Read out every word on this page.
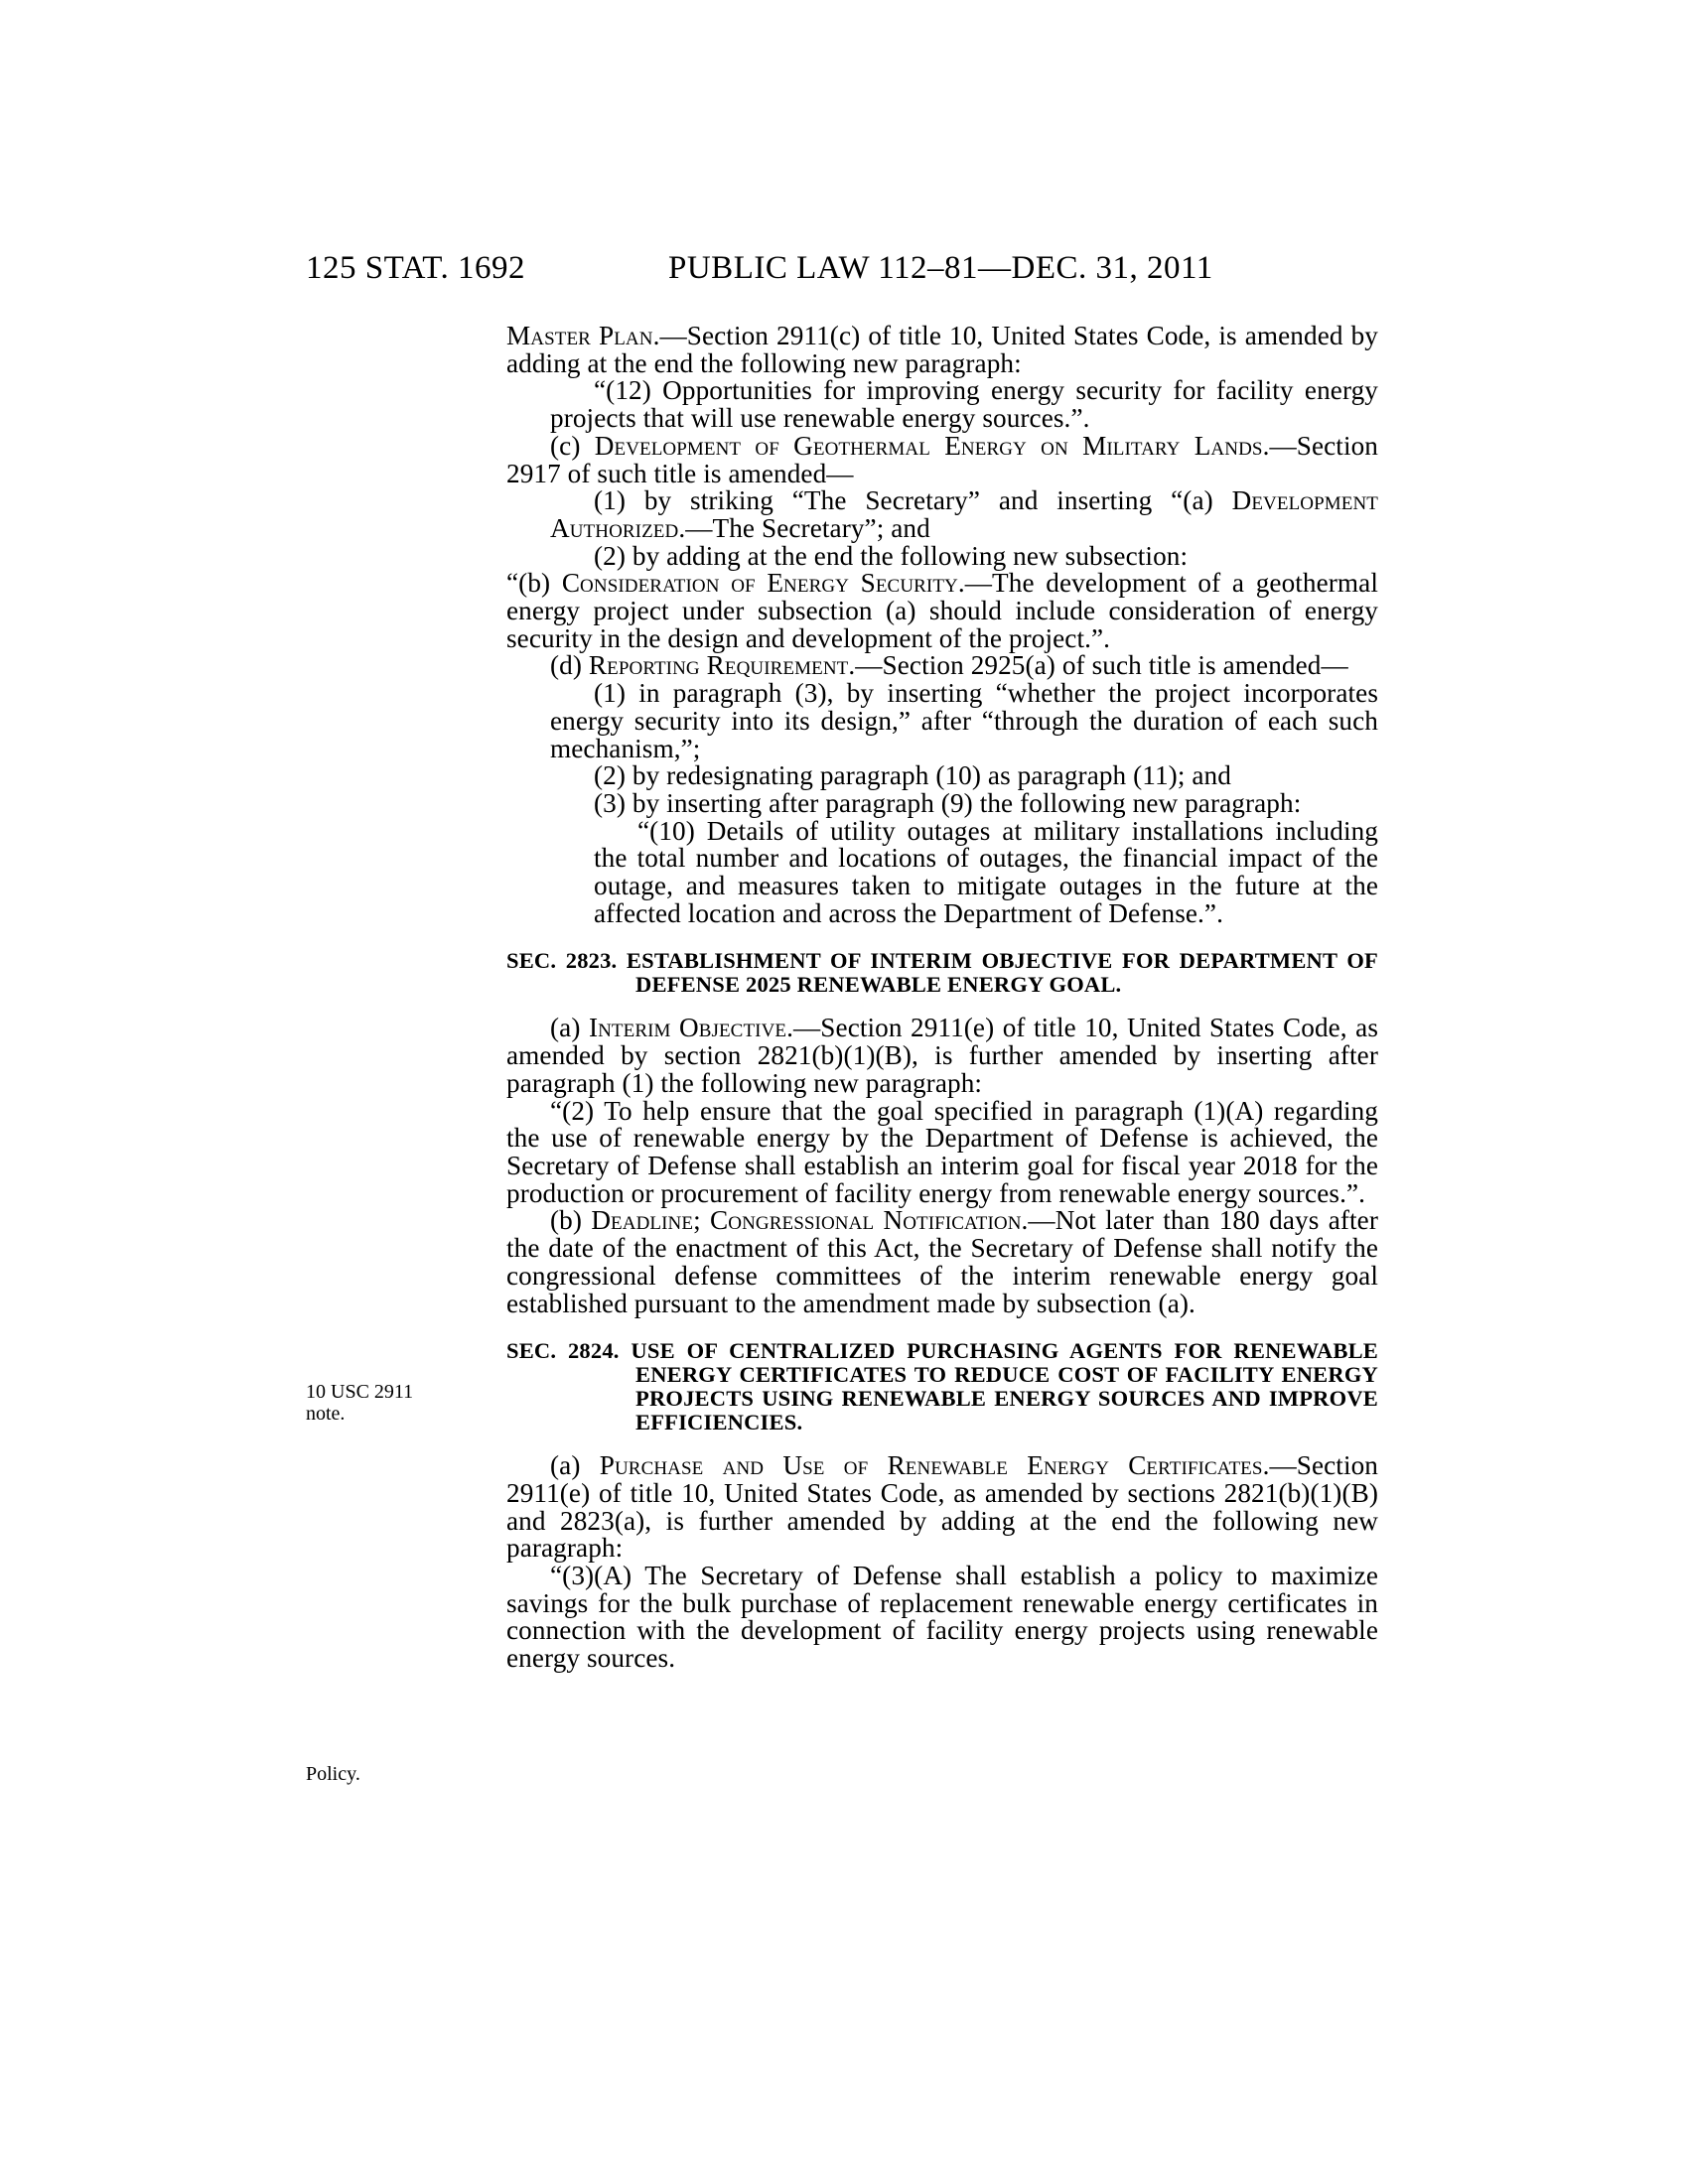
125 STAT. 1692	PUBLIC LAW 112–81—DEC. 31, 2011
10 USC 2911
note.
Policy.

Master Plan.—Section 2911(c) of title 10, United States Code, is amended by adding at the end the following new paragraph:

“(12) Opportunities for improving energy security for facility energy projects that will use renewable energy sources.”.

(c) Development of Geothermal Energy on Military Lands.—Section 2917 of such title is amended—

(1) by striking “The Secretary” and inserting “(a) Development Authorized.—The Secretary”; and

(2) by adding at the end the following new subsection:

“(b) Consideration of Energy Security.—The development of a geothermal energy project under subsection (a) should include consideration of energy security in the design and development of the project.”.

(d) Reporting Requirement.—Section 2925(a) of such title is amended—

(1) in paragraph (3), by inserting “whether the project incorporates energy security into its design,” after “through the duration of each such mechanism,”;

(2) by redesignating paragraph (10) as paragraph (11); and

(3) by inserting after paragraph (9) the following new paragraph:

“(10) Details of utility outages at military installations including the total number and locations of outages, the financial impact of the outage, and measures taken to mitigate outages in the future at the affected location and across the Department of Defense.”.

SEC. 2823. ESTABLISHMENT OF INTERIM OBJECTIVE FOR DEPARTMENT OF DEFENSE 2025 RENEWABLE ENERGY GOAL.

(a) Interim Objective.—Section 2911(e) of title 10, United States Code, as amended by section 2821(b)(1)(B), is further amended by inserting after paragraph (1) the following new paragraph:

“(2) To help ensure that the goal specified in paragraph (1)(A) regarding the use of renewable energy by the Department of Defense is achieved, the Secretary of Defense shall establish an interim goal for fiscal year 2018 for the production or procurement of facility energy from renewable energy sources.”.

(b) Deadline; Congressional Notification.—Not later than 180 days after the date of the enactment of this Act, the Secretary of Defense shall notify the congressional defense committees of the interim renewable energy goal established pursuant to the amendment made by subsection (a).

SEC. 2824. USE OF CENTRALIZED PURCHASING AGENTS FOR RENEWABLE ENERGY CERTIFICATES TO REDUCE COST OF FACILITY ENERGY PROJECTS USING RENEWABLE ENERGY SOURCES AND IMPROVE EFFICIENCIES.

(a) Purchase and Use of Renewable Energy Certificates.—Section 2911(e) of title 10, United States Code, as amended by sections 2821(b)(1)(B) and 2823(a), is further amended by adding at the end the following new paragraph:

“(3)(A) The Secretary of Defense shall establish a policy to maximize savings for the bulk purchase of replacement renewable energy certificates in connection with the development of facility energy projects using renewable energy sources.
